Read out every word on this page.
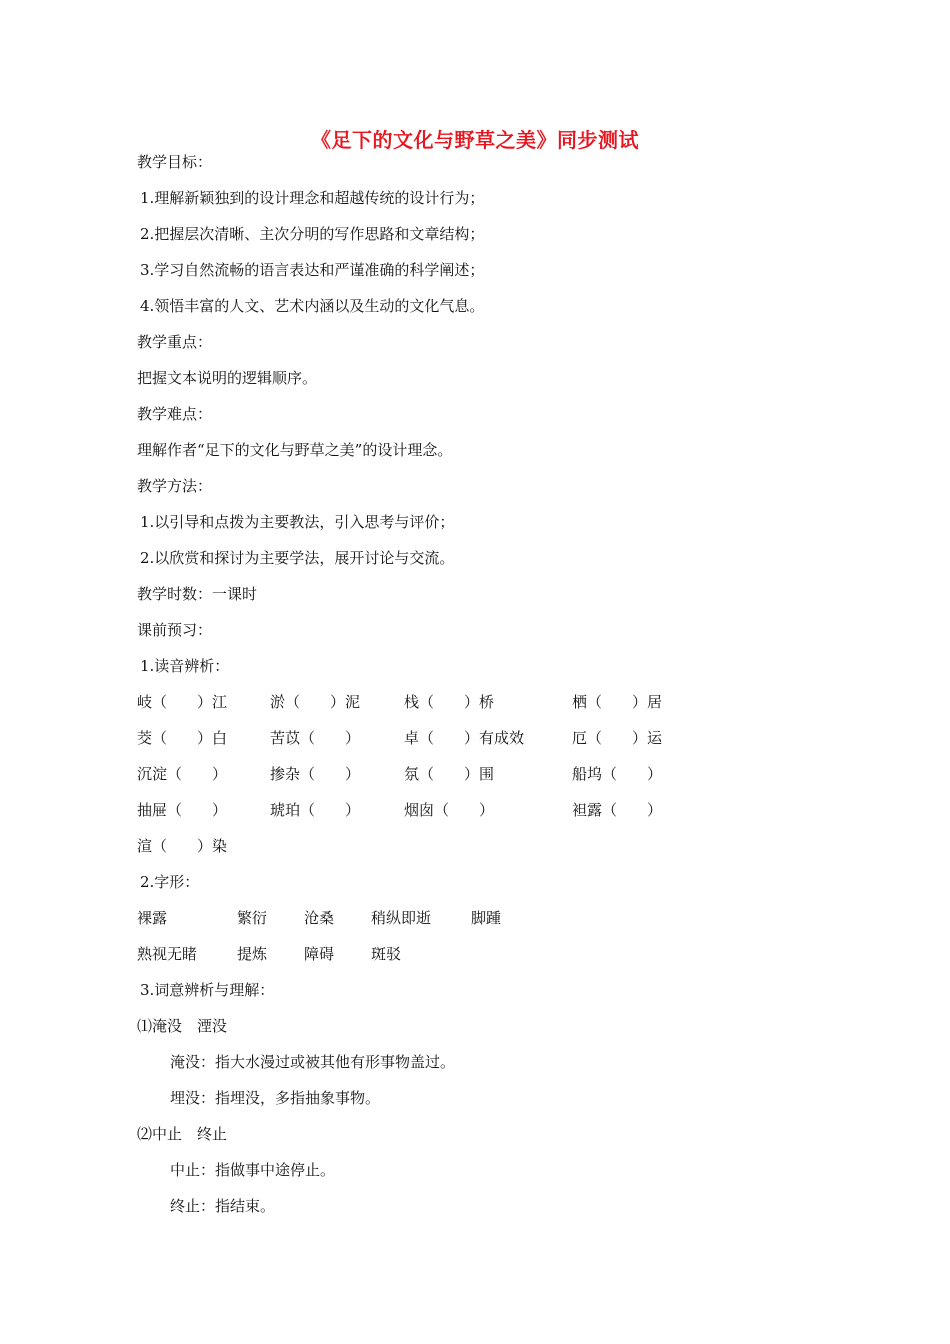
《足下的文化与野草之美》同步测试
教学目标：
1.理解新颖独到的设计理念和超越传统的设计行为；
2.把握层次清晰、主次分明的写作思路和文章结构；
3.学习自然流畅的语言表达和严谨准确的科学阐述；
4.领悟丰富的人文、艺术内涵以及生动的文化气息。
教学重点：
把握文本说明的逻辑顺序。
教学难点：
理解作者“足下的文化与野草之美”的设计理念。
教学方法：
1.以引导和点拨为主要教法，引入思考与评价；
2.以欣赏和探讨为主要学法，展开讨论与交流。
教学时数：一课时
课前预习：
1.读音辨析：
岐（　　）江	淤（　　）泥	栈（　　）桥	栖（　　）居
茭（　　）白	苦苡（　　）	卓（　　）有成效	厄（　　）运
沉淀（　　）	掺杂（　　）	氛（　　）围	船坞（　　）
抽屉（　　）	琥珀（　　）	烟囱（　　）	袒露（　　）
渲（　　）染
2.字形：
裸露	繁衍 沧桑 稍纵即逝	脚踵
熟视无睹	提炼 障碍 斑驳
3.词意辨析与理解：
⑴淹没　湮没
淹没：指大水漫过或被其他有形事物盖过。
埋没：指埋没，多指抽象事物。
⑵中止　终止
中止：指做事中途停止。
终止：指结束。
